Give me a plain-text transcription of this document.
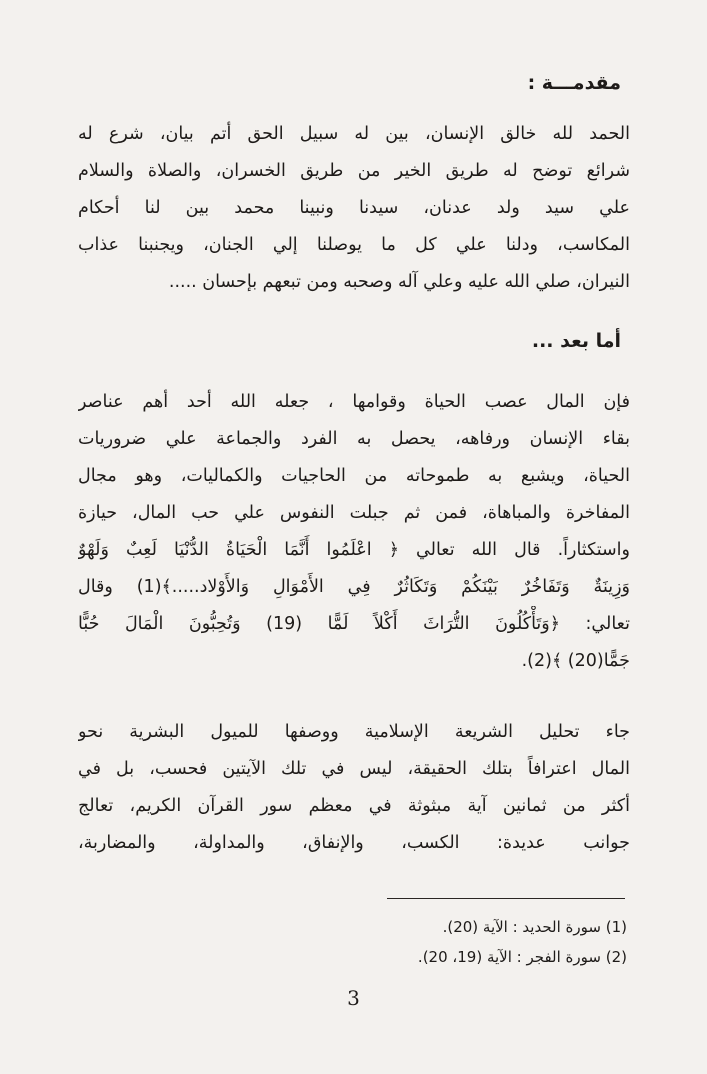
مقدمـــة :
الحمد لله خالق الإنسان، بين له سبيل الحق أتم بيان، شرع له
شرائع توضح له طريق الخير من طريق الخسران، والصلاة والسلام
علي سيد ولد عدنان، سيدنا ونبينا محمد بين لنا أحكام
المكاسب، ودلنا علي كل ما يوصلنا إلي الجنان، ويجنبنا عذاب
النيران، صلي الله عليه وعلي آله وصحبه ومن تبعهم بإحسان .....
أما بعد ...
فإن المال عصب الحياة وقوامها ، جعله الله أحد أهم عناصر
بقاء الإنسان ورفاهه، يحصل به الفرد والجماعة علي ضروريات
الحياة، ويشبع به طموحاته من الحاجيات والكماليات، وهو مجال
المفاخرة والمباهاة، فمن ثم جبلت النفوس علي حب المال، حيازة
واستكثاراً. قال الله تعالي ﴿ اعْلَمُوا أَنَّمَا الْحَيَاةُ الدُّنْيَا لَعِبٌ وَلَهْوٌ
وَزِينَةٌ وَتَفَاخُرٌ بَيْنَكُمْ وَتَكَاثُرٌ فِي الأَمْوَالِ وَالأَوْلاد.....﴾(1) وقال
تعالي: ﴿وَتَأْكُلُونَ التُّرَاثَ أَكْلاً لَمًّا (19) وَتُحِبُّونَ الْمَالَ حُبًّا
جَمًّا(20) ﴾(2).
جاء تحليل الشريعة الإسلامية ووصفها للميول البشرية نحو
المال اعترافاً بتلك الحقيقة، ليس في تلك الآيتين فحسب، بل في
أكثر من ثمانين آية مبثوثة في معظم سور القرآن الكريم، تعالج
جوانب عديدة: الكسب، والإنفاق، والمداولة، والمضاربة،
(1) سورة الحديد : الآية (20).
(2) سورة الفجر : الآية (19، 20).
3
